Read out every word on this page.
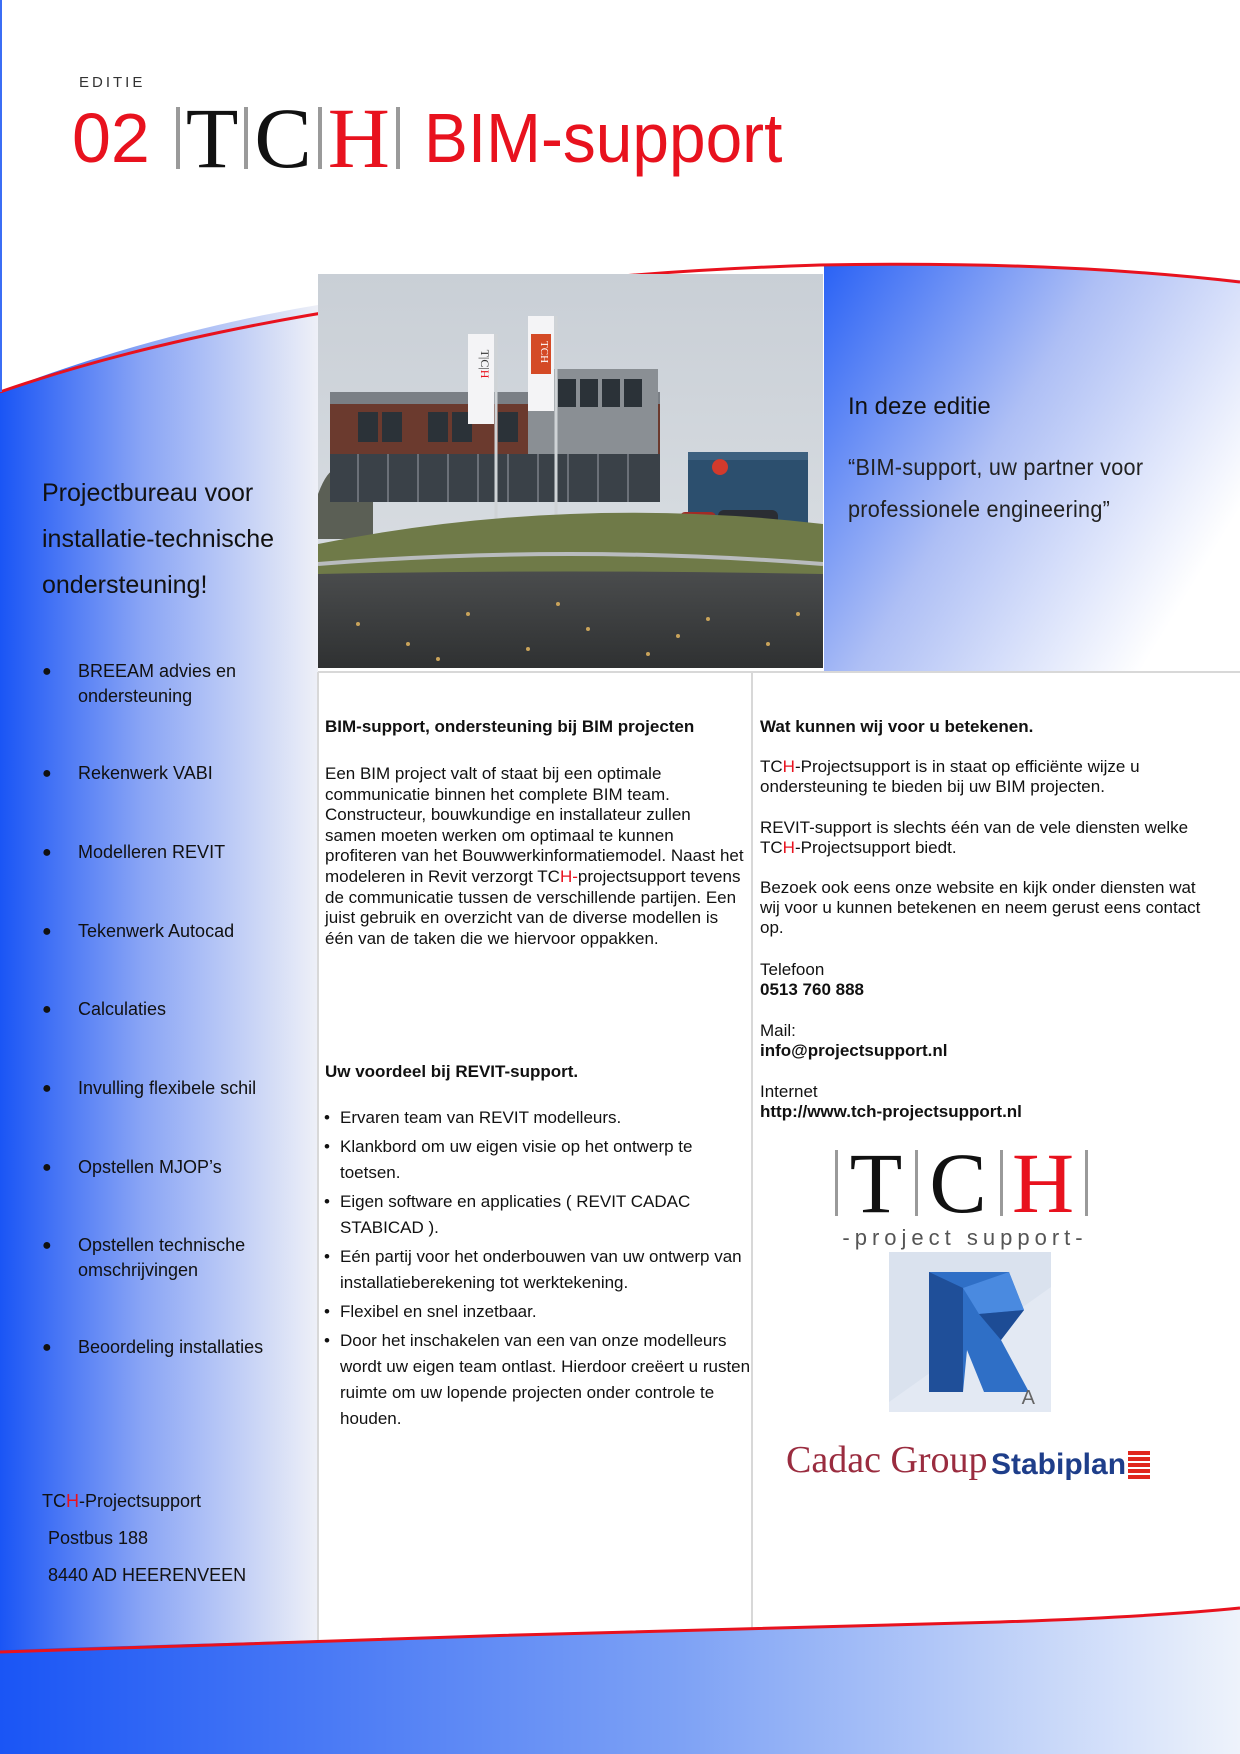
EDITIE
02 T C H BIM-support
T|C|H
TCH
Projectbureau voor
installatie-technische
ondersteuning!
●	BREEAM advies en ondersteuning
●	Rekenwerk VABI
●	Modelleren REVIT
●	Tekenwerk Autocad
●	Calculaties
●	Invulling flexibele schil
●	Opstellen MJOP’s
●	Opstellen technische omschrijvingen
●	Beoordeling installaties
TCH-Projectsupport
Postbus 188
8440 AD HEERENVEEN
In deze editie
“BIM-support, uw partner voor professionele engineering”
BIM-support, ondersteuning bij BIM projecten
Een BIM project valt of staat bij een optimale communicatie binnen het complete BIM team. Constructeur, bouwkundige en installateur zullen samen moeten werken om optimaal te kunnen profiteren van het Bouwwerkinformatiemodel. Naast het modeleren in Revit verzorgt TCH-projectsupport tevens de communicatie tussen de verschillende partijen. Een juist gebruik en overzicht van de diverse modellen is één van de taken die we hiervoor oppakken.
Uw voordeel bij REVIT-support.
• Ervaren team van REVIT modelleurs.
• Klankbord om uw eigen visie op het ontwerp te toetsen.
• Eigen software en applicaties ( REVIT CADAC STABICAD ).
• Eén partij voor het onderbouwen van uw ontwerp van installatieberekening tot werktekening.
• Flexibel en snel inzetbaar.
• Door het inschakelen van een van onze modelleurs wordt uw eigen team ontlast. Hierdoor creëert u rusten ruimte om uw lopende projecten onder controle te houden.
Wat kunnen wij voor u betekenen.
TCH-Projectsupport is in staat op efficiënte wijze u ondersteuning te bieden bij uw BIM projecten.
REVIT-support is slechts één van de vele diensten welke TCH-Projectsupport biedt.
Bezoek ook eens onze website en kijk onder diensten wat wij voor u kunnen betekenen en neem gerust eens contact op.
Telefoon
0513 760 888
Mail:
info@projectsupport.nl
Internet
http://www.tch-projectsupport.nl
T C H
-project support-
A
Cadac Group Stabiplan
